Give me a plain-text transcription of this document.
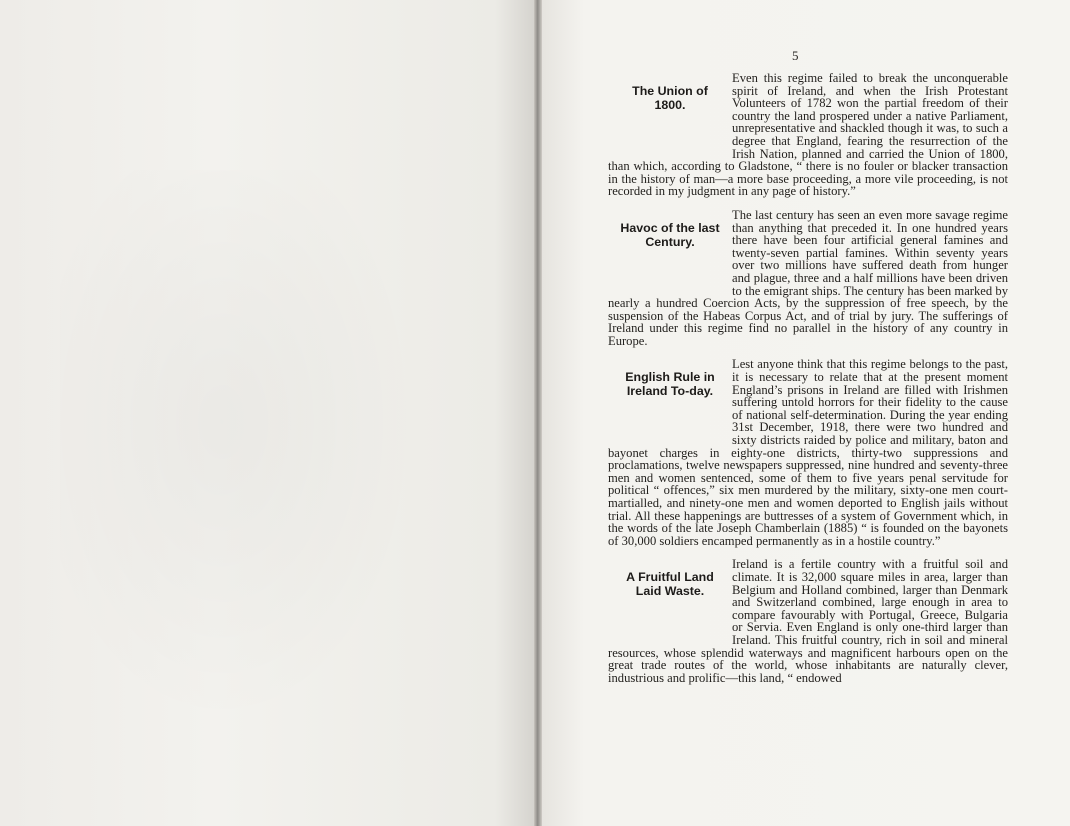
5
The Union of
1800.
Even this regime failed to break the unconquerable spirit of Ireland, and when the Irish Protestant Volunteers of 1782 won the partial freedom of their country the land prospered under a native Parliament, unrepresentative and shackled though it was, to such a degree that England, fearing the resurrection of the Irish Nation, planned and carried the Union of 1800, than which, according to Gladstone, “ there is no fouler or blacker transaction in the history of man—a more base proceeding, a more vile proceeding, is not recorded in my judgment in any page of history.”
Havoc of the last
Century.
The last century has seen an even more savage regime than anything that preceded it. In one hundred years there have been four artificial general famines and twenty-seven partial famines. Within seventy years over two millions have suffered death from hunger and plague, three and a half millions have been driven to the emigrant ships. The century has been marked by nearly a hundred Coercion Acts, by the suppression of free speech, by the suspension of the Habeas Corpus Act, and of trial by jury. The sufferings of Ireland under this regime find no parallel in the history of any country in Europe.
English Rule in
Ireland To-day.
Lest anyone think that this regime belongs to the past, it is necessary to relate that at the present moment England’s prisons in Ireland are filled with Irishmen suffering untold horrors for their fidelity to the cause of national self-determination. During the year ending 31st December, 1918, there were two hundred and sixty districts raided by police and military, baton and bayonet charges in eighty-one districts, thirty-two suppressions and proclamations, twelve newspapers suppressed, nine hundred and seventy-three men and women sentenced, some of them to five years penal servitude for political “ offences,” six men murdered by the military, sixty-one men court-martialled, and ninety-one men and women deported to English jails without trial. All these happenings are buttresses of a system of Government which, in the words of the late Joseph Chamberlain (1885) “ is founded on the bayonets of 30,000 soldiers encamped permanently as in a hostile country.”
A Fruitful Land
Laid Waste.
Ireland is a fertile country with a fruitful soil and climate. It is 32,000 square miles in area, larger than Belgium and Holland combined, larger than Denmark and Switzerland combined, large enough in area to compare favourably with Portugal, Greece, Bulgaria or Servia. Even England is only one-third larger than Ireland. This fruitful country, rich in soil and mineral resources, whose splendid waterways and magnificent harbours open on the great trade routes of the world, whose inhabitants are naturally clever, industrious and prolific—this land, “ endowed
